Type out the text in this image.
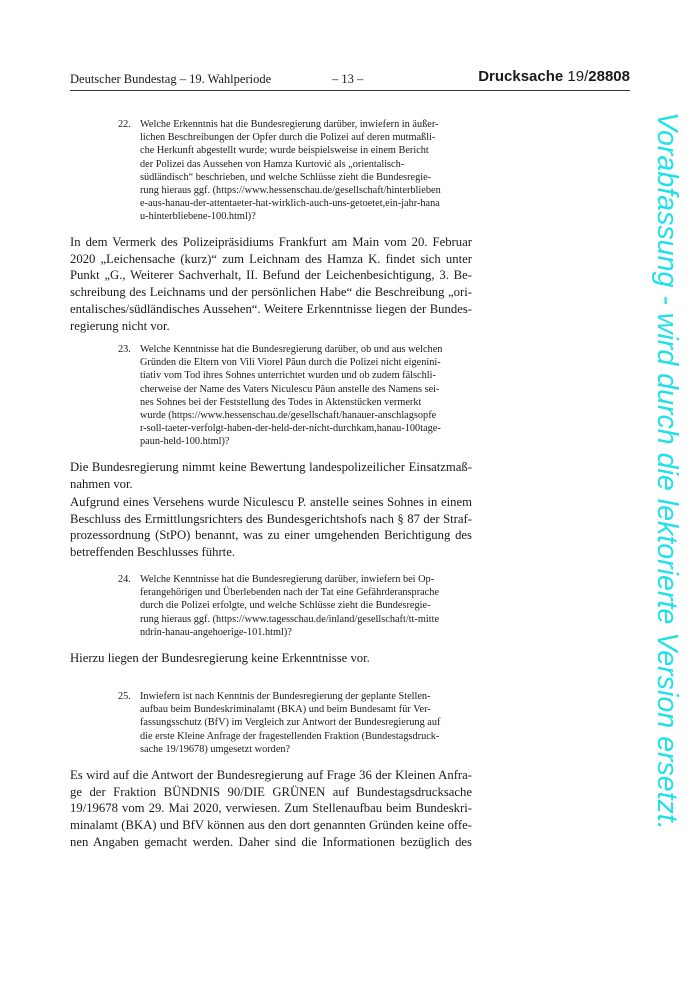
Deutscher Bundestag – 19. Wahlperiode	– 13 –	Drucksache 19/28808
22. Welche Erkenntnis hat die Bundesregierung darüber, inwiefern in äußer-
lichen Beschreibungen der Opfer durch die Polizei auf deren mutmaßli-
che Herkunft abgestellt wurde; wurde beispielsweise in einem Bericht
der Polizei das Aussehen von Hamza Kurtović als „orientalisch-
südländisch“ beschrieben, und welche Schlüsse zieht die Bundesregie-
rung hieraus ggf. (https://www.hessenschau.de/gesellschaft/hinterblieben
e-aus-hanau-der-attentaeter-hat-wirklich-auch-uns-getoetet,ein-jahr-hana
u-hinterbliebene-100.html)?
In dem Vermerk des Polizeipräsidiums Frankfurt am Main vom 20. Februar
2020 „Leichensache (kurz)“ zum Leichnam des Hamza K. findet sich unter
Punkt „G., Weiterer Sachverhalt, II. Befund der Leichenbesichtigung, 3. Be-
schreibung des Leichnams und der persönlichen Habe“ die Beschreibung „ori-
entalisches/südländisches Aussehen“. Weitere Erkenntnisse liegen der Bundes-
regierung nicht vor.
23. Welche Kenntnisse hat die Bundesregierung darüber, ob und aus welchen
Gründen die Eltern von Vili Viorel Păun durch die Polizei nicht eigenini-
tiativ vom Tod ihres Sohnes unterrichtet wurden und ob zudem fälschli-
cherweise der Name des Vaters Niculescu Păun anstelle des Namens sei-
nes Sohnes bei der Feststellung des Todes in Aktenstücken vermerkt
wurde (https://www.hessenschau.de/gesellschaft/hanauer-anschlagsopfe
r-soll-taeter-verfolgt-haben-der-held-der-nicht-durchkam,hanau-100tage-
paun-held-100.html)?
Die Bundesregierung nimmt keine Bewertung landespolizeilicher Einsatzmaß-
nahmen vor.
Aufgrund eines Versehens wurde Niculescu P. anstelle seines Sohnes in einem
Beschluss des Ermittlungsrichters des Bundesgerichtshofs nach § 87 der Straf-
prozessordnung (StPO) benannt, was zu einer umgehenden Berichtigung des
betreffenden Beschlusses führte.
24. Welche Kenntnisse hat die Bundesregierung darüber, inwiefern bei Op-
ferangehörigen und Überlebenden nach der Tat eine Gefährderansprache
durch die Polizei erfolgte, und welche Schlüsse zieht die Bundesregie-
rung hieraus ggf. (https://www.tagesschau.de/inland/gesellschaft/tt-mitte
ndrin-hanau-angehoerige-101.html)?
Hierzu liegen der Bundesregierung keine Erkenntnisse vor.
25. Inwiefern ist nach Kenntnis der Bundesregierung der geplante Stellen-
aufbau beim Bundeskriminalamt (BKA) und beim Bundesamt für Ver-
fassungsschutz (BfV) im Vergleich zur Antwort der Bundesregierung auf
die erste Kleine Anfrage der fragestellenden Fraktion (Bundestagsdruck-
sache 19/19678) umgesetzt worden?
Es wird auf die Antwort der Bundesregierung auf Frage 36 der Kleinen Anfra-
ge der Fraktion BÜNDNIS 90/DIE GRÜNEN auf Bundestagsdrucksache
19/19678 vom 29. Mai 2020, verwiesen. Zum Stellenaufbau beim Bundeskri-
minalamt (BKA) und BfV können aus den dort genannten Gründen keine offe-
nen Angaben gemacht werden. Daher sind die Informationen bezüglich des
Vorabfassung - wird durch die lektorierte Version ersetzt.
